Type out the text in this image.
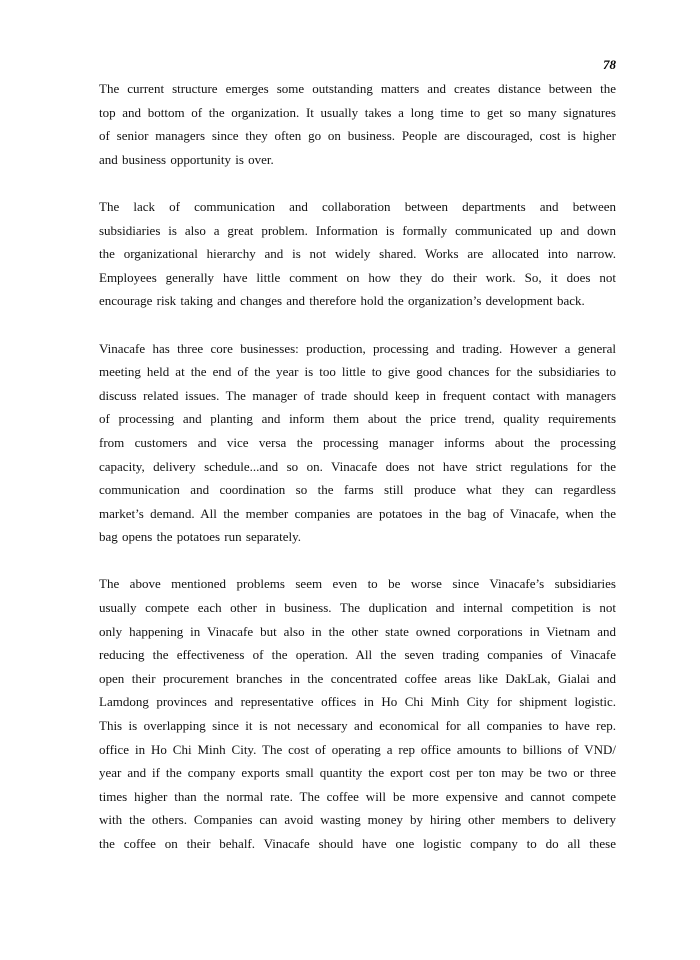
78
The current structure emerges some outstanding matters and creates distance between the
top and bottom of the organization. It usually takes a long time to get so many signatures
of senior managers since they often go on business. People are discouraged, cost is higher
and business opportunity is over.
The lack of communication and collaboration between departments and between
subsidiaries is also a great problem. Information is formally communicated up and down
the organizational hierarchy and is not widely shared. Works are allocated into narrow.
Employees generally have little comment on how they do their work. So, it does not
encourage risk taking and changes and therefore hold the organization’s development back.
Vinacafe has three core businesses: production, processing and trading. However a general
meeting held at the end of the year is too little to give good chances for the subsidiaries to
discuss related issues. The manager of trade should keep in frequent contact with managers
of processing and planting and inform them about the price trend, quality requirements
from customers and vice versa the processing manager informs about the processing
capacity, delivery schedule...and so on. Vinacafe does not have strict regulations for the
communication and coordination so the farms still produce what they can regardless
market’s demand. All the member companies are potatoes in the bag of Vinacafe, when the
bag opens the potatoes run separately.
The above mentioned problems seem even to be worse since Vinacafe’s subsidiaries
usually compete each other in business. The duplication and internal competition is not
only happening in Vinacafe but also in the other state owned corporations in Vietnam and
reducing the effectiveness of the operation. All the seven trading companies of Vinacafe
open their procurement branches in the concentrated coffee areas like DakLak, Gialai and
Lamdong provinces and representative offices in Ho Chi Minh City for shipment logistic.
This is overlapping since it is not necessary and economical for all companies to have rep.
office in Ho Chi Minh City. The cost of operating a rep office amounts to billions of VND/
year and if the company exports small quantity the export cost per ton may be two or three
times higher than the normal rate. The coffee will be more expensive and cannot compete
with the others. Companies can avoid wasting money by hiring other members to delivery
the coffee on their behalf. Vinacafe should have one logistic company to do all these
